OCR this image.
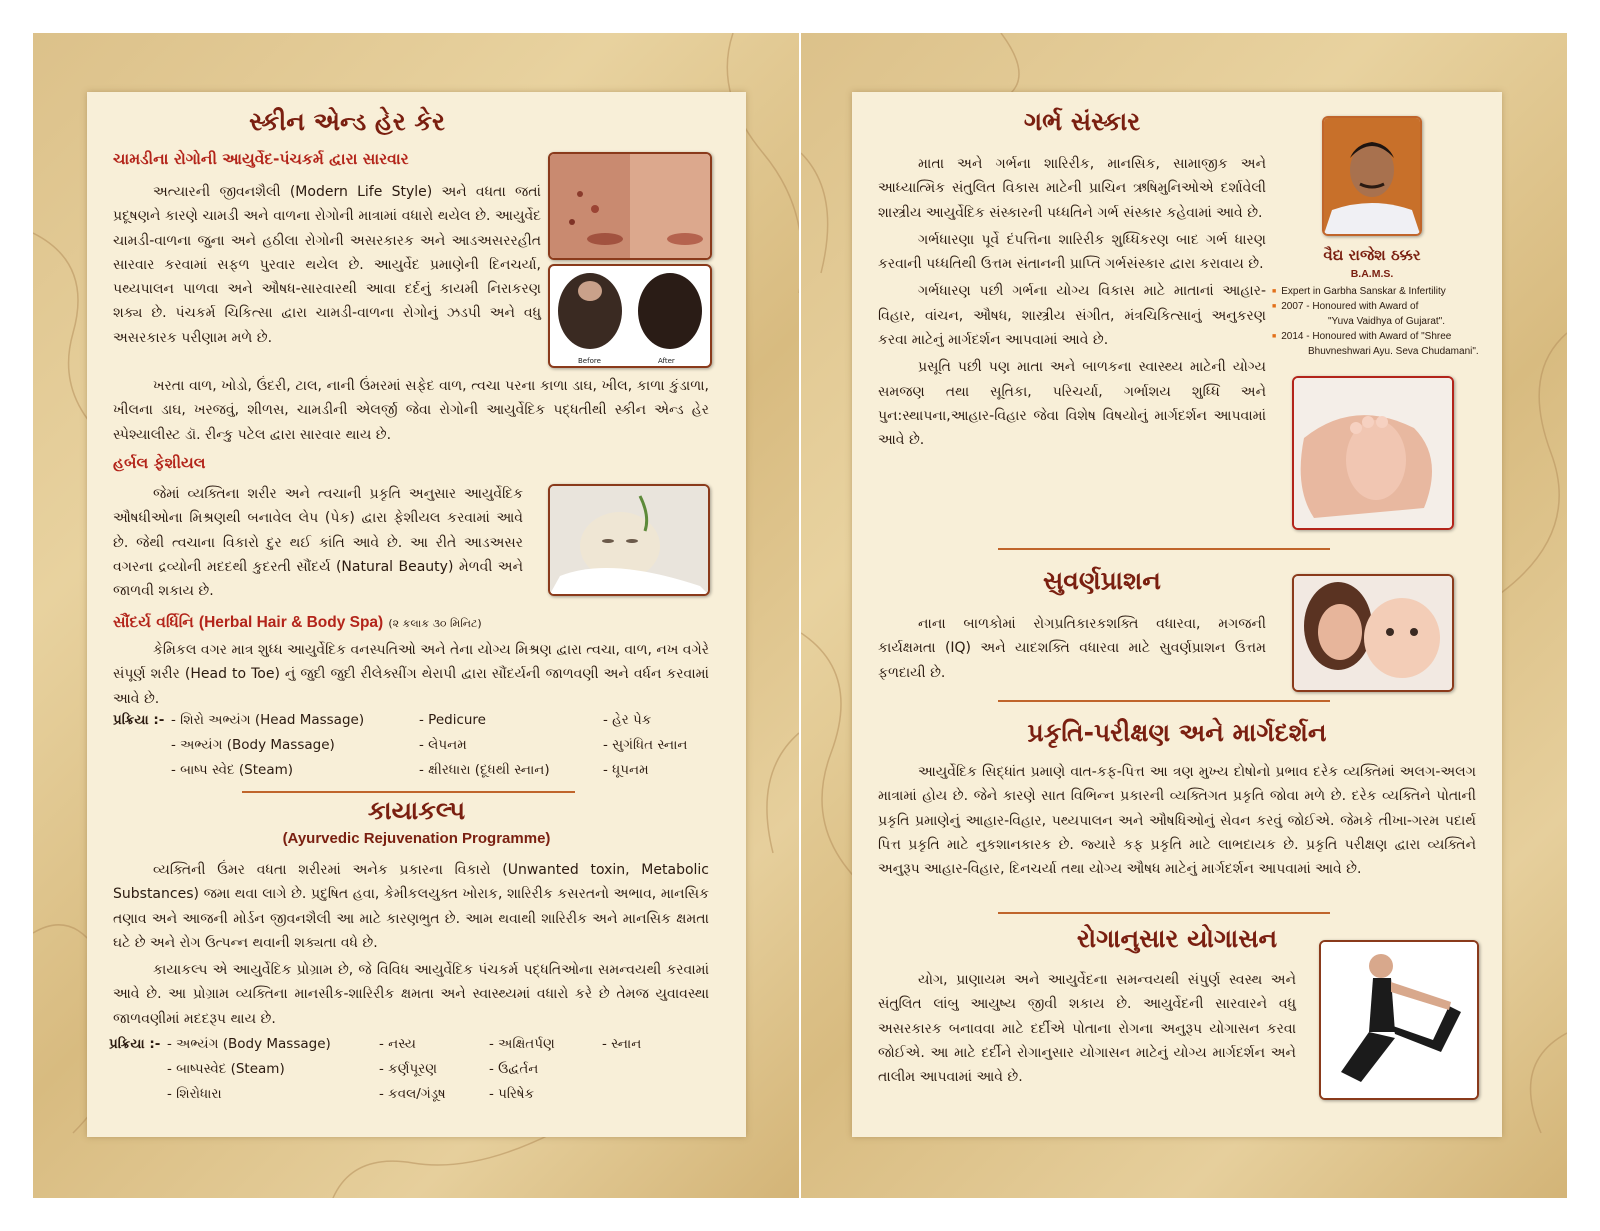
સ્કીન એન્ડ હેર કેર
ચામડીના રોગોની આયુર્વેદ-પંચકર્મ દ્વારા સારવાર

અત્યારની જીવનશૈલી (Modern Life Style) અને વધતા જતાં પ્રદૂષણને કારણે ચામડી અને વાળના રોગોની માત્રામાં વધારો થયેલ છે. આયુર્વેદ ચામડી-વાળના જુના અને હઠીલા રોગોની અસરકારક અને આડઅસરરહીત સારવાર કરવામાં સફળ પુરવાર થયેલ છે. આયુર્વેદ પ્રમાણેની દિનચર્યા, પથ્યપાલન પાળવા અને ઔષધ-સારવારથી આવા દર્દનું કાયમી નિરાકરણ શક્ય છે. પંચકર્મ ચિકિત્સા દ્વારા ચામડી-વાળના રોગોનું ઝડપી અને વધુ અસરકારક પરીણામ મળે છે.

Before	After

ખરતા વાળ, ખોડો, ઉંદરી, ટાલ, નાની ઉંમરમાં સફેદ વાળ, ત્વચા પરના કાળા ડાઘ, ખીલ, કાળા કુંડાળા, ખીલના ડાઘ, ખરજવું, શીળસ, ચામડીની એલર્જી જેવા રોગોની આયુર્વેદિક પદ્ધતીથી સ્કીન એન્ડ હેર સ્પેશ્યાલીસ્ટ ડૉ. રીન્કુ પટેલ દ્વારા સારવાર થાય છે.

હર્બલ ફેશીયલ

જેમાં વ્યક્તિના શરીર અને ત્વચાની પ્રકૃતિ અનુસાર આયુર્વેદિક ઔષધીઓના મિશ્રણથી બનાવેલ લેપ (પેક) દ્વારા ફેશીયલ કરવામાં આવે છે. જેથી ત્વચાના વિકારો દુર થઈ કાંતિ આવે છે. આ રીતે આડઅસર વગરના દ્રવ્યોની મદદથી કુદરતી સૌંદર્ય (Natural Beauty) મેળવી અને જાળવી શકાય છે.

સૌંદર્ય વર્ધિનિ (Herbal Hair & Body Spa) (૨ કલાક ૩૦ મિનિટ)

કેમિકલ વગર માત્ર શુધ્ધ આયુર્વેદિક વનસ્પતિઓ અને તેના યોગ્ય મિશ્રણ દ્વારા ત્વચા, વાળ, નખ વગેરે સંપૂર્ણ શરીર (Head to Toe) નું જુદી જુદી રીલેક્સીંગ થેરાપી દ્વારા સૌંદર્યની જાળવણી અને વર્ધન કરવામાં આવે છે.

પ્રક્રિયા :- - શિરો અભ્યંગ (Head Massage)	- Pedicure	- હેર પેક
- અભ્યંગ (Body Massage)	- લેપનમ	- સુગંધિત સ્નાન
- બાષ્પ સ્વેદ (Steam)	- ક્ષીરધારા (દૂધથી સ્નાન)	- ધૂપનમ
કાયાકલ્પ
(Ayurvedic Rejuvenation Programme)

વ્યક્તિની ઉંમર વધતા શરીરમાં અનેક પ્રકારના વિકારો (Unwanted toxin, Metabolic Substances) જમા થવા લાગે છે. પ્રદુષિત હવા, કેમીકલયુક્ત ખોરાક, શારિરીક કસરતનો અભાવ, માનસિક તણાવ અને આજની મોર્ડન જીવનશૈલી આ માટે કારણભુત છે. આમ થવાથી શારિરીક અને માનસિક ક્ષમતા ઘટે છે અને રોગ ઉત્પન્ન થવાની શક્યતા વધે છે.

કાયાકલ્પ એ આયુર્વેદિક પ્રોગ્રામ છે, જે વિવિધ આયુર્વેદિક પંચકર્મ પદ્ધતિઓના સમન્વયથી કરવામાં આવે છે. આ પ્રોગ્રામ વ્યક્તિના માનસીક-શારિરીક ક્ષમતા અને સ્વાસ્થ્યમાં વધારો કરે છે તેમજ યુવાવસ્થા જાળવણીમાં મદદરૂપ થાય છે.

પ્રક્રિયા :- - અભ્યંગ (Body Massage)	- નસ્ય	- અક્ષિતર્પણ	- સ્નાન
- બાષ્પસ્વેદ (Steam)	- કર્ણપૂરણ	- ઉદ્વર્તન
- શિરોધારા	- કવલ/ગંડૂષ	- પરિષેક
ગર્ભ સંસ્કાર

માતા અને ગર્ભના શારિરીક, માનસિક, સામાજીક અને આધ્યાત્મિક સંતુલિત વિકાસ માટેની પ્રાચિન ઋષિમુનિઓએ દર્શાવેલી શાસ્ત્રીય આયુર્વેદિક સંસ્કારની પધ્ધતિને ગર્ભ સંસ્કાર કહેવામાં આવે છે.

ગર્ભધારણા પૂર્વે દંપત્તિના શારિરીક શુધ્ધિકરણ બાદ ગર્ભ ધારણ કરવાની પધ્ધતિથી ઉત્તમ સંતાનની પ્રાપ્તિ ગર્ભસંસ્કાર દ્વારા કરાવાય છે.

ગર્ભધારણ પછી ગર્ભના યોગ્ય વિકાસ માટે માતાનાં આહાર-વિહાર, વાંચન, ઔષધ, શાસ્ત્રીય સંગીત, મંત્રચિકિત્સાનું અનુકરણ કરવા માટેનું માર્ગદર્શન આપવામાં આવે છે.

પ્રસૂતિ પછી પણ માતા અને બાળકના સ્વાસ્થ્ય માટેની યોગ્ય સમજણ તથા સૂતિકા, પરિચર્યા, ગર્ભાશય શુધ્ધિ અને પુન:સ્થાપના,આહાર-વિહાર જેવા વિશેષ વિષયોનું માર્ગદર્શન આપવામાં આવે છે.

વૈદ્ય રાજેશ ઠક્કર
B.A.M.S.
■ Expert in Garbha Sanskar & Infertility
■ 2007 - Honoured with Award of
"Yuva Vaidhya of Gujarat".
■ 2014 - Honoured with Award of "Shree
Bhuvneshwari Ayu. Seva Chudamani".
સુવર્ણપ્રાશન

નાના બાળકોમાં રોગપ્રતિકારકશક્તિ વધારવા, મગજની કાર્યક્ષમતા (IQ) અને યાદશક્તિ વધારવા માટે સુવર્ણપ્રાશન ઉત્તમ ફળદાયી છે.

પ્રકૃતિ-પરીક્ષણ અને માર્ગદર્શન

આયુર્વેદિક સિદ્ધાંત પ્રમાણે વાત-કફ-પિત્ત આ ત્રણ મુખ્ય દોષોનો પ્રભાવ દરેક વ્યક્તિમાં અલગ-અલગ માત્રામાં હોય છે. જેને કારણે સાત વિભિન્ન પ્રકારની વ્યક્તિગત પ્રકૃતિ જોવા મળે છે. દરેક વ્યક્તિને પોતાની પ્રકૃતિ પ્રમાણેનું આહાર-વિહાર, પથ્યપાલન અને ઔષધિઓનું સેવન કરવું જોઈએ. જેમકે તીખા-ગરમ પદાર્થ પિત્ત પ્રકૃતિ માટે નુકશાનકારક છે. જ્યારે કફ પ્રકૃતિ માટે લાભદાયક છે. પ્રકૃતિ પરીક્ષણ દ્વારા વ્યક્તિને અનુરૂપ આહાર-વિહાર, દિનચર્યા તથા યોગ્ય ઔષધ માટેનું માર્ગદર્શન આપવામાં આવે છે.

રોગાનુસાર યોગાસન

યોગ, પ્રાણાયમ અને આયુર્વેદના સમન્વયથી સંપુર્ણ સ્વસ્થ અને સંતુલિત લાંબુ આયુષ્ય જીવી શકાય છે. આયુર્વેદની સારવારને વધુ અસરકારક બનાવવા માટે દર્દીએ પોતાના રોગના અનુરૂપ યોગાસન કરવા જોઈએ. આ માટે દર્દીને રોગાનુસાર યોગાસન માટેનું યોગ્ય માર્ગદર્શન અને તાલીમ આપવામાં આવે છે.
